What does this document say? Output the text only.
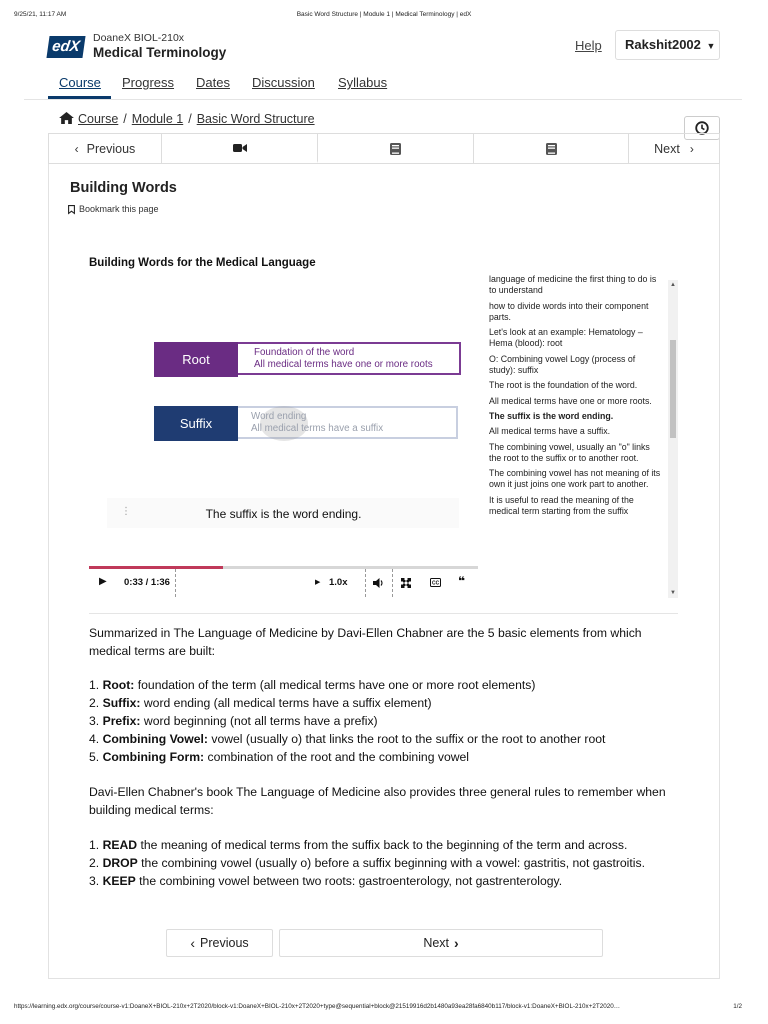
9/25/21, 11:17 AM	Basic Word Structure | Module 1 | Medical Terminology | edX
edX	DoaneX BIOL-210x
Medical Terminology	Help	Rakshit2002 ▼
Course Progress Dates Discussion Syllabus
Course / Module 1 / Basic Word Structure
‹ Previous	Next ›
Building Words
Bookmark this page
Building Words for the Medical Language
Root	Foundation of the word
All medical terms have one or more roots
Suffix	Word ending
All medical terms have a suffix
⋮	The suffix is the word ending.
▶ 0:33 / 1:36	▶ 1.0x	CC ❝

language of medicine the first thing to do is to understand

how to divide words into their component parts.

Let's look at an example: Hematology – Hema (blood): root

O: Combining vowel Logy (process of study): suffix

The root is the foundation of the word.

All medical terms have one or more roots.

The suffix is the word ending.

All medical terms have a suffix.

The combining vowel, usually an "o" links the root to the suffix or to another root.

The combining vowel has not meaning of its own it just joins one work part to another.

It is useful to read the meaning of the medical term starting from the suffix

▲
▼
Summarized in The Language of Medicine by Davi-Ellen Chabner are the 5 basic elements from which medical terms are built:
1. Root: foundation of the term (all medical terms have one or more root elements)
2. Suffix: word ending (all medical terms have a suffix element)
3. Prefix: word beginning (not all terms have a prefix)
4. Combining Vowel: vowel (usually o) that links the root to the suffix or the root to another root
5. Combining Form: combination of the root and the combining vowel
Davi-Ellen Chabner's book The Language of Medicine also provides three general rules to remember when building medical terms:
1. READ the meaning of medical terms from the suffix back to the beginning of the term and across.
2. DROP the combining vowel (usually o) before a suffix beginning with a vowel: gastritis, not gastroitis.
3. KEEP the combining vowel between two roots: gastroenterology, not gastrenterology.
‹ Previous	Next ›
https://learning.edx.org/course/course-v1:DoaneX+BIOL-210x+2T2020/block-v1:DoaneX+BIOL-210x+2T2020+type@sequential+block@21519916d2b1480a93ea28fa6840b117/block-v1:DoaneX+BIOL-210x+2T2020…	1/2
